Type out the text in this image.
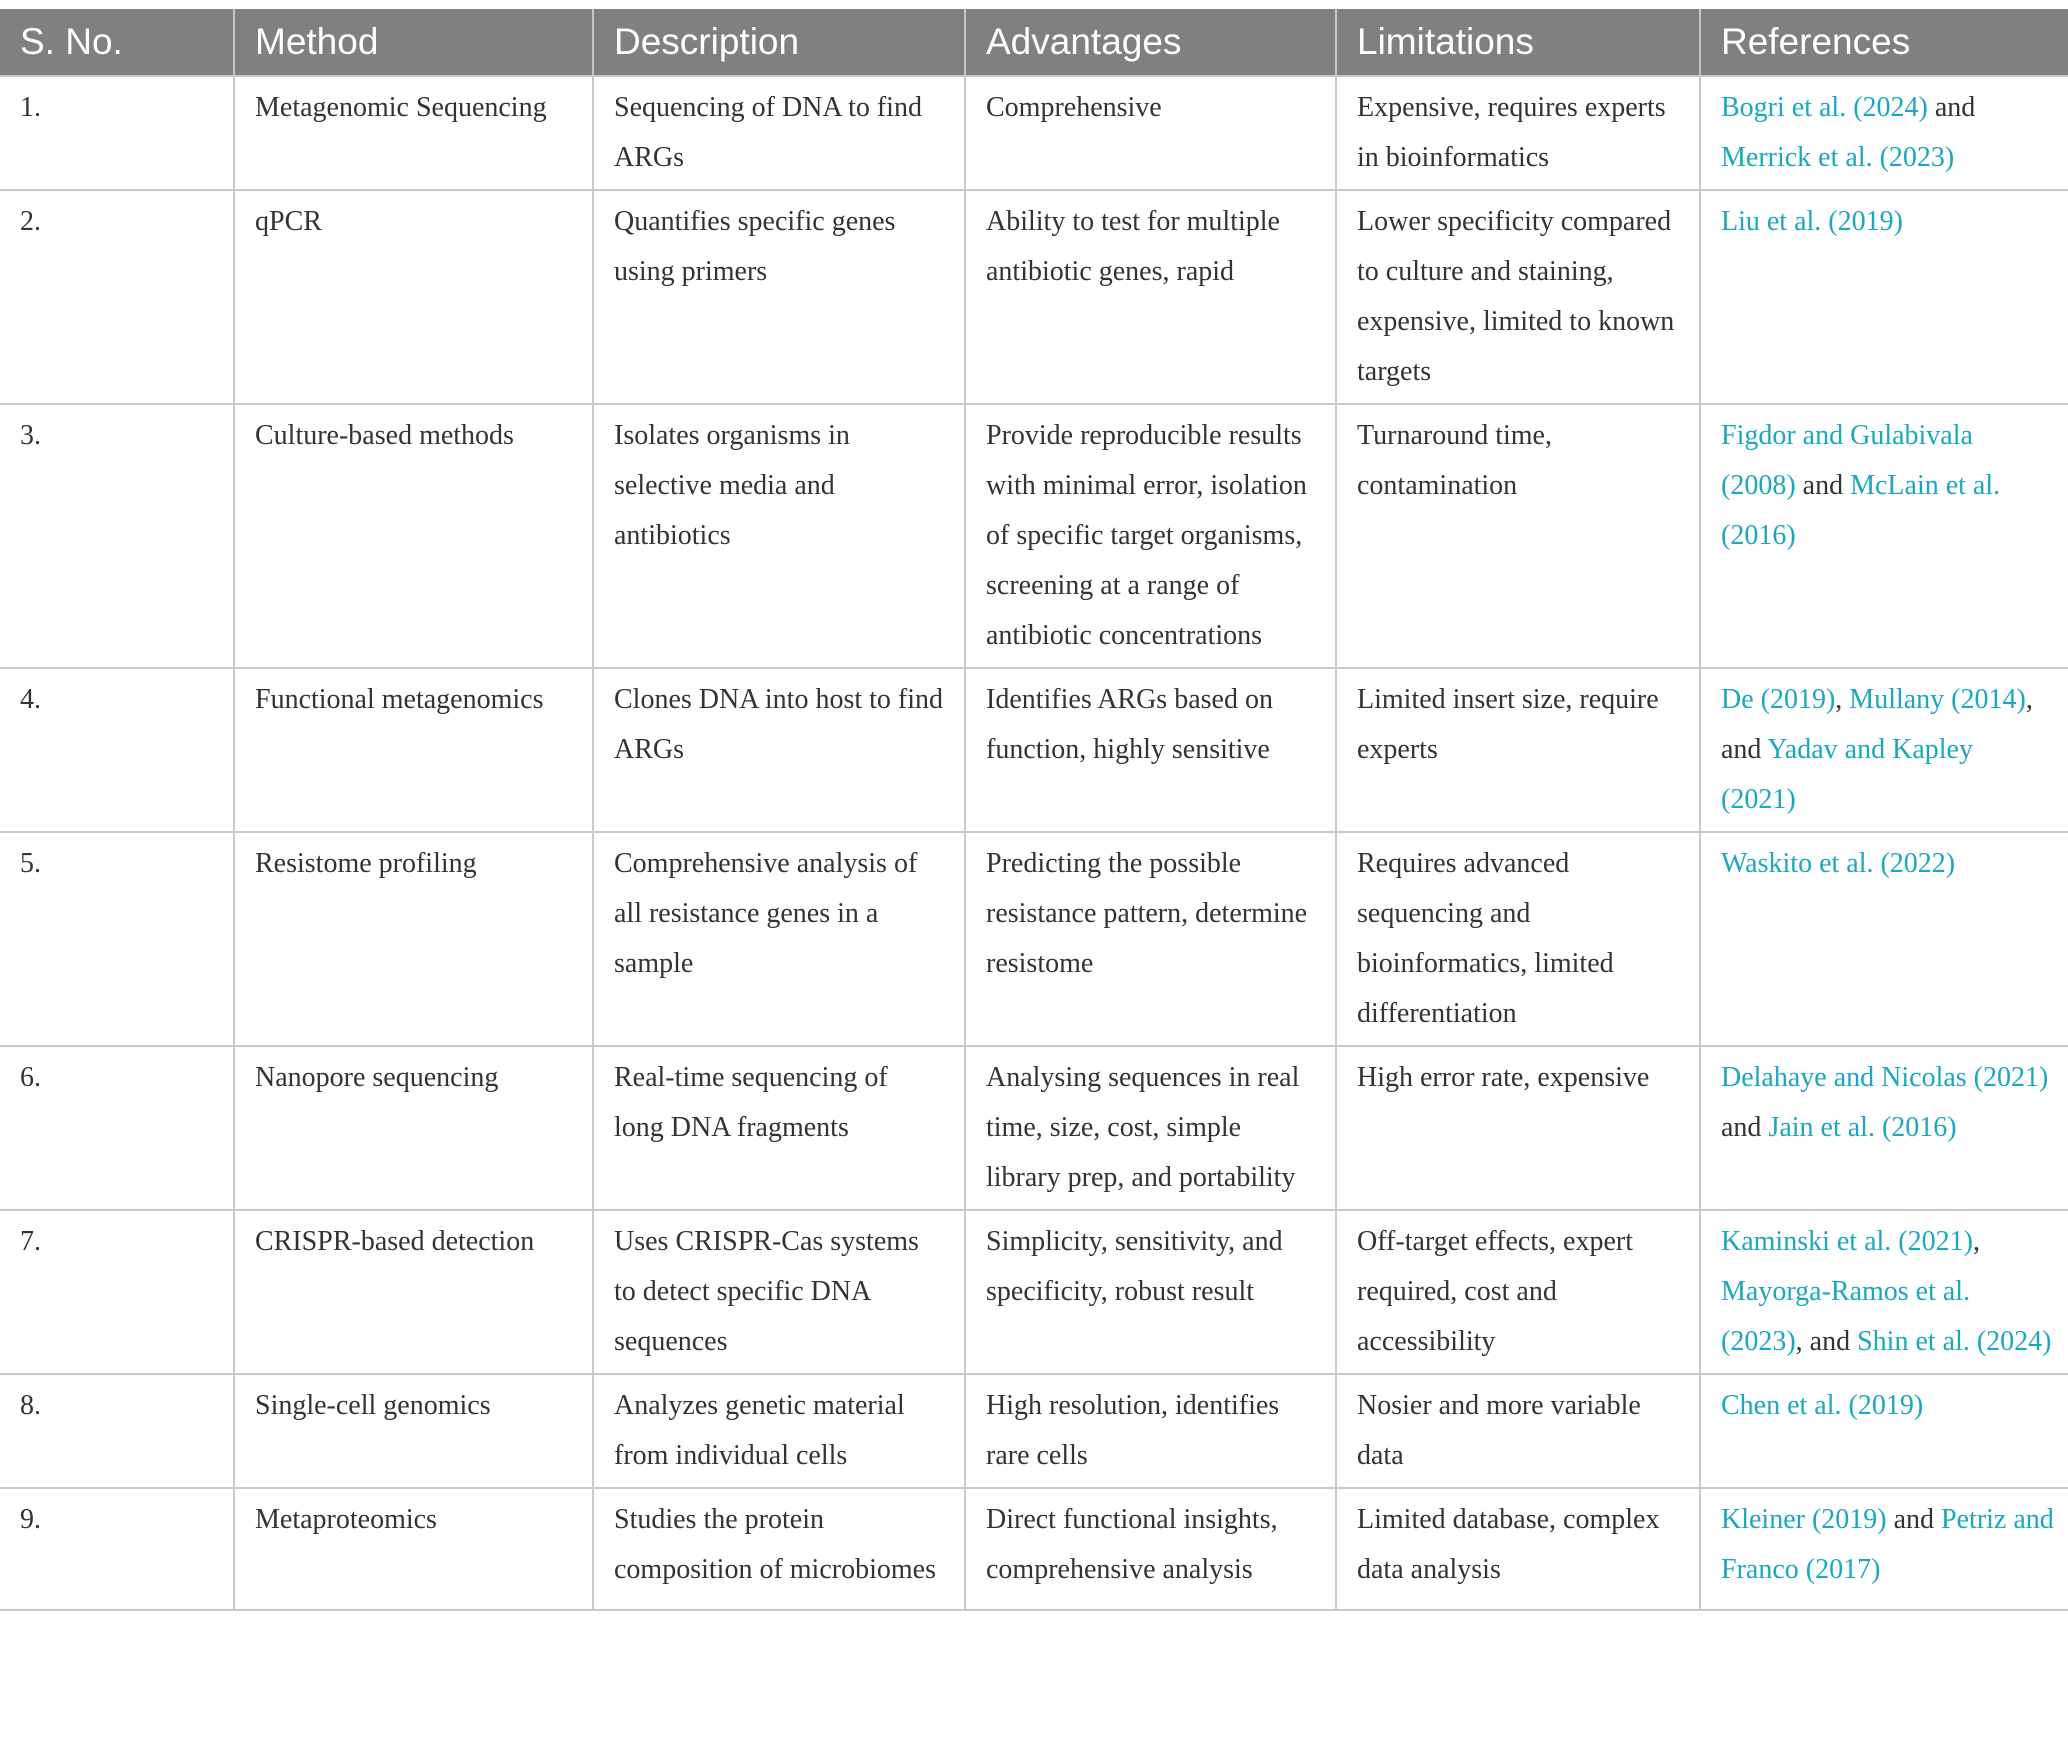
S. No.	Method	Description	Advantages	Limitations	References
1.	Metagenomic Sequencing	Sequencing of DNA to find ARGs	Comprehensive	Expensive, requires experts in bioinformatics	Bogri et al. (2024) and Merrick et al. (2023)
2.	qPCR	Quantifies specific genes using primers	Ability to test for multiple antibiotic genes, rapid	Lower specificity compared to culture and staining, expensive, limited to known targets	Liu et al. (2019)
3.	Culture-based methods	Isolates organisms in selective media and antibiotics	Provide reproducible results with minimal error, isolation of specific target organisms, screening at a range of antibiotic concentrations	Turnaround time, contamination	Figdor and Gulabivala (2008) and McLain et al. (2016)
4.	Functional metagenomics	Clones DNA into host to find ARGs	Identifies ARGs based on function, highly sensitive	Limited insert size, require experts	De (2019), Mullany (2014), and Yadav and Kapley (2021)
5.	Resistome profiling	Comprehensive analysis of all resistance genes in a sample	Predicting the possible resistance pattern, determine resistome	Requires advanced sequencing and bioinformatics, limited differentiation	Waskito et al. (2022)
6.	Nanopore sequencing	Real-time sequencing of long DNA fragments	Analysing sequences in real time, size, cost, simple library prep, and portability	High error rate, expensive	Delahaye and Nicolas (2021) and Jain et al. (2016)
7.	CRISPR-based detection	Uses CRISPR-Cas systems to detect specific DNA sequences	Simplicity, sensitivity, and specificity, robust result	Off-target effects, expert required, cost and accessibility	Kaminski et al. (2021), Mayorga-Ramos et al. (2023), and Shin et al. (2024)
8.	Single-cell genomics	Analyzes genetic material from individual cells	High resolution, identifies rare cells	Nosier and more variable data	Chen et al. (2019)
9.	Metaproteomics	Studies the protein composition of microbiomes	Direct functional insights, comprehensive analysis	Limited database, complex data analysis	Kleiner (2019) and Petriz and Franco (2017)
